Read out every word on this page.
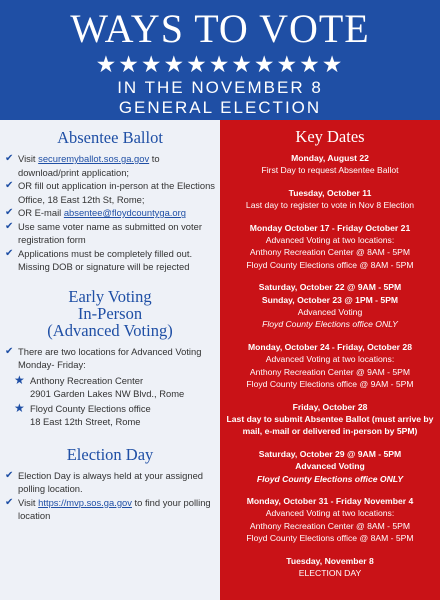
WAYS TO VOTE
★★★★★★★★★★★
IN THE NOVEMBER 8
GENERAL ELECTION
Absentee Ballot
✔ Visit securemyballot.sos.ga.gov to download/print application;
✔ OR fill out application in-person at the Elections Office, 18 East 12th St, Rome;
✔ OR E-mail absentee@floydcountyga.org
✔ Use same voter name as submitted on voter registration form
✔ Applications must be completely filled out. Missing DOB or signature will be rejected
Early Voting
In-Person
(Advanced Voting)
✔ There are two locations for Advanced Voting Monday- Friday:
★ Anthony Recreation Center
2901 Garden Lakes NW Blvd., Rome
★ Floyd County Elections office
18 East 12th Street, Rome
Election Day
✔ Election Day is always held at your assigned polling location.
✔ Visit https://mvp.sos.ga.gov to find your polling location
Key Dates
Monday, August 22
First Day to request Absentee Ballot
Tuesday, October 11
Last day to register to vote in Nov 8 Election
Monday October 17 - Friday October 21
Advanced Voting at two locations:
Anthony Recreation Center @ 8AM - 5PM
Floyd County Elections office @ 8AM - 5PM
Saturday, October 22 @ 9AM - 5PM
Sunday, October 23 @ 1PM - 5PM
Advanced Voting
Floyd County Elections office ONLY
Monday, October 24 - Friday, October 28
Advanced Voting at two locations:
Anthony Recreation Center @ 9AM - 5PM
Floyd County Elections office @ 9AM - 5PM
Friday, October 28
Last day to submit Absentee Ballot (must arrive by mail, e-mail or delivered in-person by 5PM)
Saturday, October 29 @ 9AM - 5PM
Advanced Voting
Floyd County Elections office ONLY
Monday, October 31 - Friday November 4
Advanced Voting at two locations:
Anthony Recreation Center @ 8AM - 5PM
Floyd County Elections office @ 8AM - 5PM
Tuesday, November 8
ELECTION DAY
